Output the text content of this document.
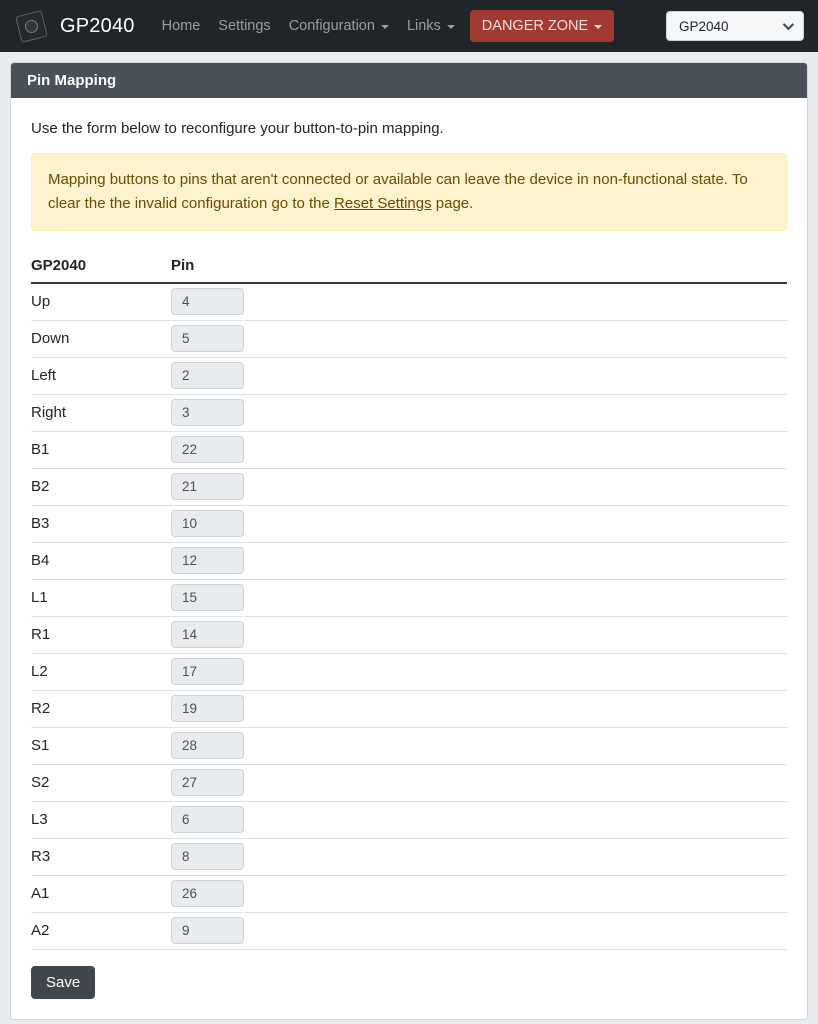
GP2040 Home Settings Configuration Links	DANGER ZONE	GP2040
Pin Mapping

Use the form below to reconfigure your button-to-pin mapping.

Mapping buttons to pins that aren't connected or available can leave the device in non-functional state. To clear the the invalid configuration go to the Reset Settings page.
GP2040	Pin
Up	4
Down	5
Left	2
Right	3
B1	22
B2	21
B3	10
B4	12
L1	15
R1	14
L2	17
R2	19
S1	28
S2	27
L3	6
R3	8
A1	26
A2	9
Save
